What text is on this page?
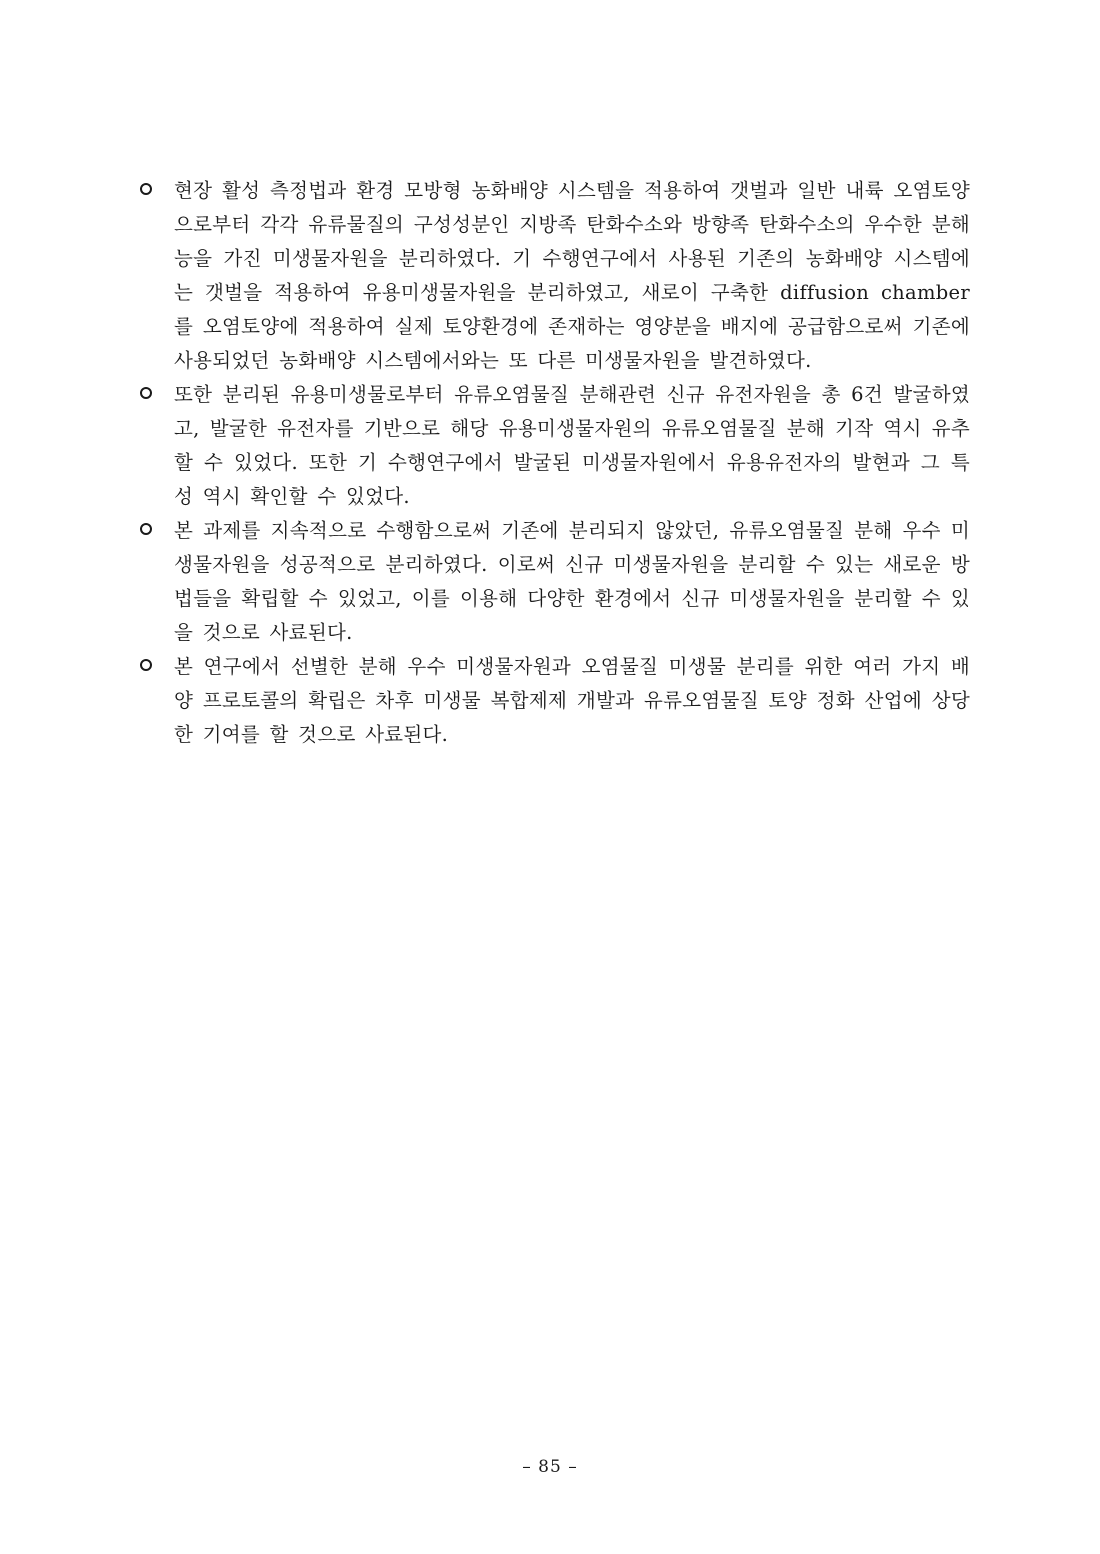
현장 활성 측정법과 환경 모방형 농화배양 시스템을 적용하여 갯벌과 일반 내륙 오염토양으로부터 각각 유류물질의 구성성분인 지방족 탄화수소와 방향족 탄화수소의 우수한 분해능을 가진 미생물자원을 분리하였다. 기 수행연구에서 사용된 기존의 농화배양 시스템에는 갯벌을 적용하여 유용미생물자원을 분리하였고, 새로이 구축한 diffusion chamber를 오염토양에 적용하여 실제 토양환경에 존재하는 영양분을 배지에 공급함으로써 기존에 사용되었던 농화배양 시스템에서와는 또 다른 미생물자원을 발견하였다.
또한 분리된 유용미생물로부터 유류오염물질 분해관련 신규 유전자원을 총 6건 발굴하였고, 발굴한 유전자를 기반으로 해당 유용미생물자원의 유류오염물질 분해 기작 역시 유추할 수 있었다. 또한 기 수행연구에서 발굴된 미생물자원에서 유용유전자의 발현과 그 특성 역시 확인할 수 있었다.
본 과제를 지속적으로 수행함으로써 기존에 분리되지 않았던, 유류오염물질 분해 우수 미생물자원을 성공적으로 분리하였다. 이로써 신규 미생물자원을 분리할 수 있는 새로운 방법들을 확립할 수 있었고, 이를 이용해 다양한 환경에서 신규 미생물자원을 분리할 수 있을 것으로 사료된다.
본 연구에서 선별한 분해 우수 미생물자원과 오염물질 미생물 분리를 위한 여러 가지 배양 프로토콜의 확립은 차후 미생물 복합제제 개발과 유류오염물질 토양 정화 산업에 상당한 기여를 할 것으로 사료된다.
– 85 –
